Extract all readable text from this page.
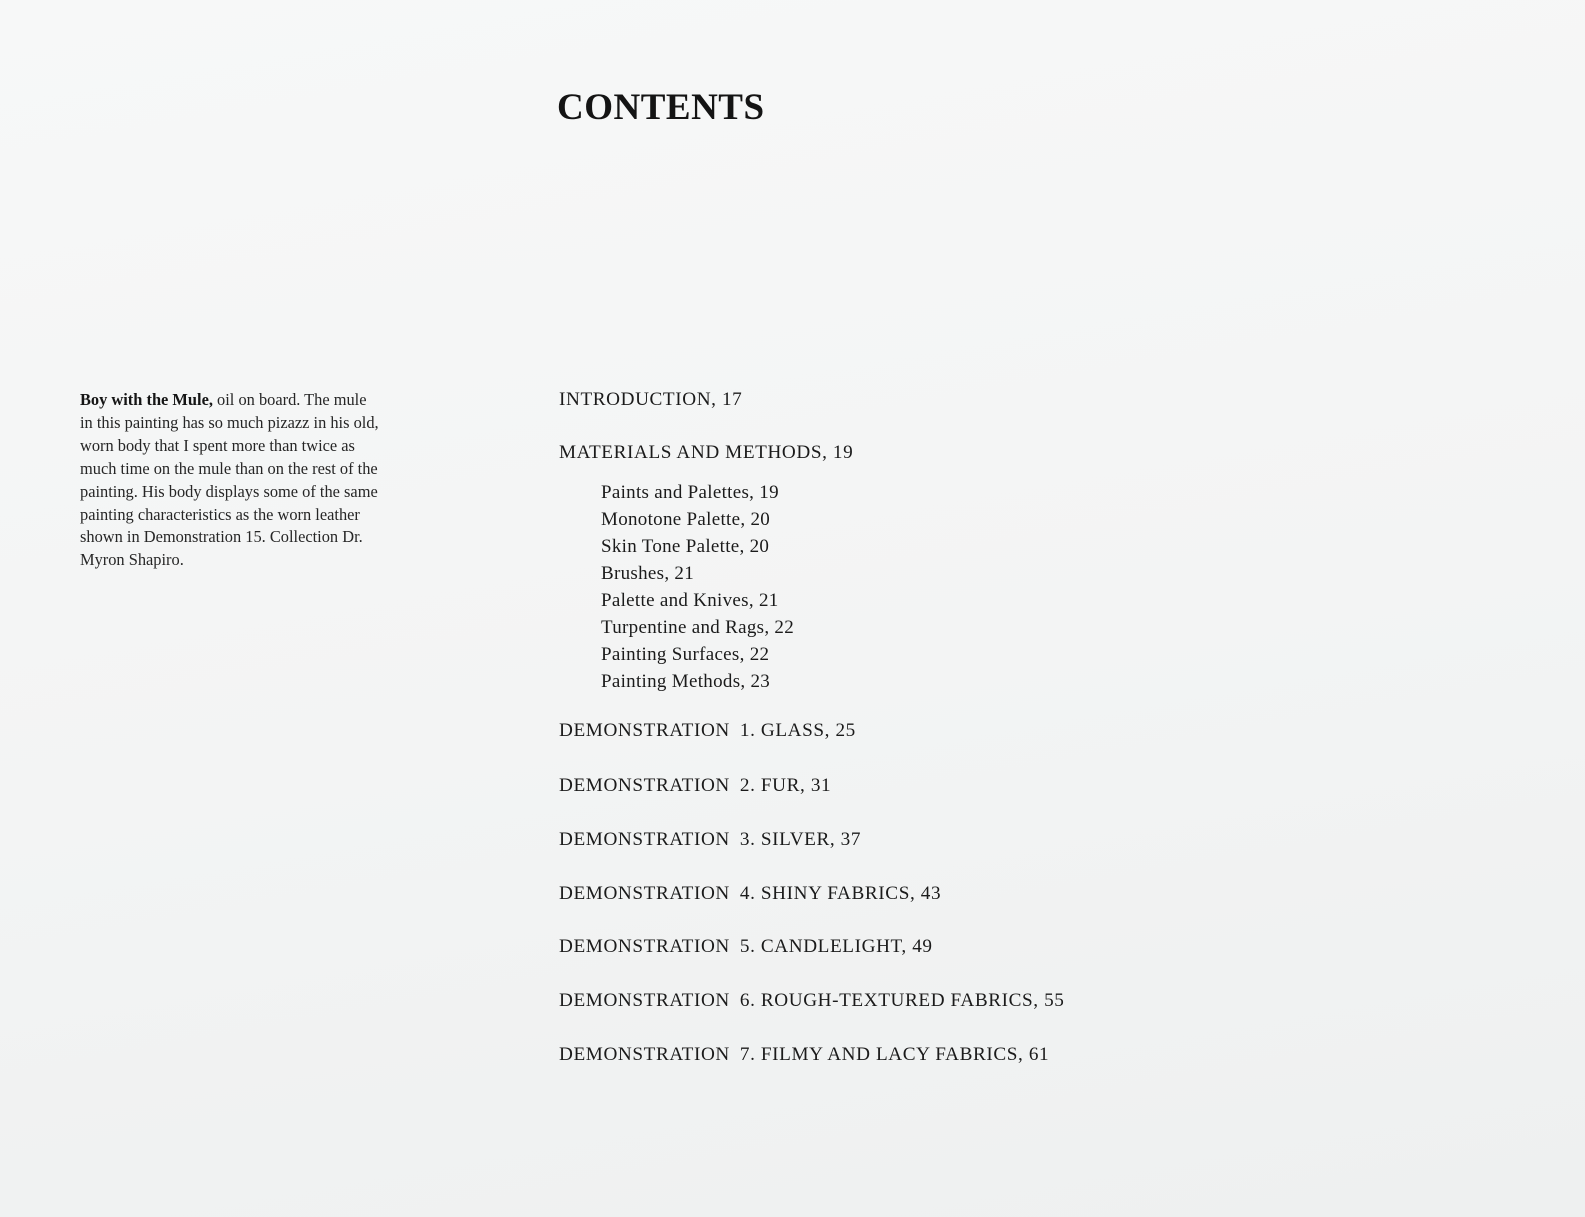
CONTENTS

Boy with the Mule, oil on board. The mule in this painting has so much pizazz in his old, worn body that I spent more than twice as much time on the mule than on the rest of the painting. His body displays some of the same painting characteristics as the worn leather shown in Demonstration 15. Collection Dr. Myron Shapiro.

INTRODUCTION, 17
MATERIALS AND METHODS, 19
Paints and Palettes, 19
Monotone Palette, 20
Skin Tone Palette, 20
Brushes, 21
Palette and Knives, 21
Turpentine and Rags, 22
Painting Surfaces, 22
Painting Methods, 23
DEMONSTRATION 1. GLASS, 25
DEMONSTRATION 2. FUR, 31
DEMONSTRATION 3. SILVER, 37
DEMONSTRATION 4. SHINY FABRICS, 43
DEMONSTRATION 5. CANDLELIGHT, 49
DEMONSTRATION 6. ROUGH-TEXTURED FABRICS, 55
DEMONSTRATION 7. FILMY AND LACY FABRICS, 61
